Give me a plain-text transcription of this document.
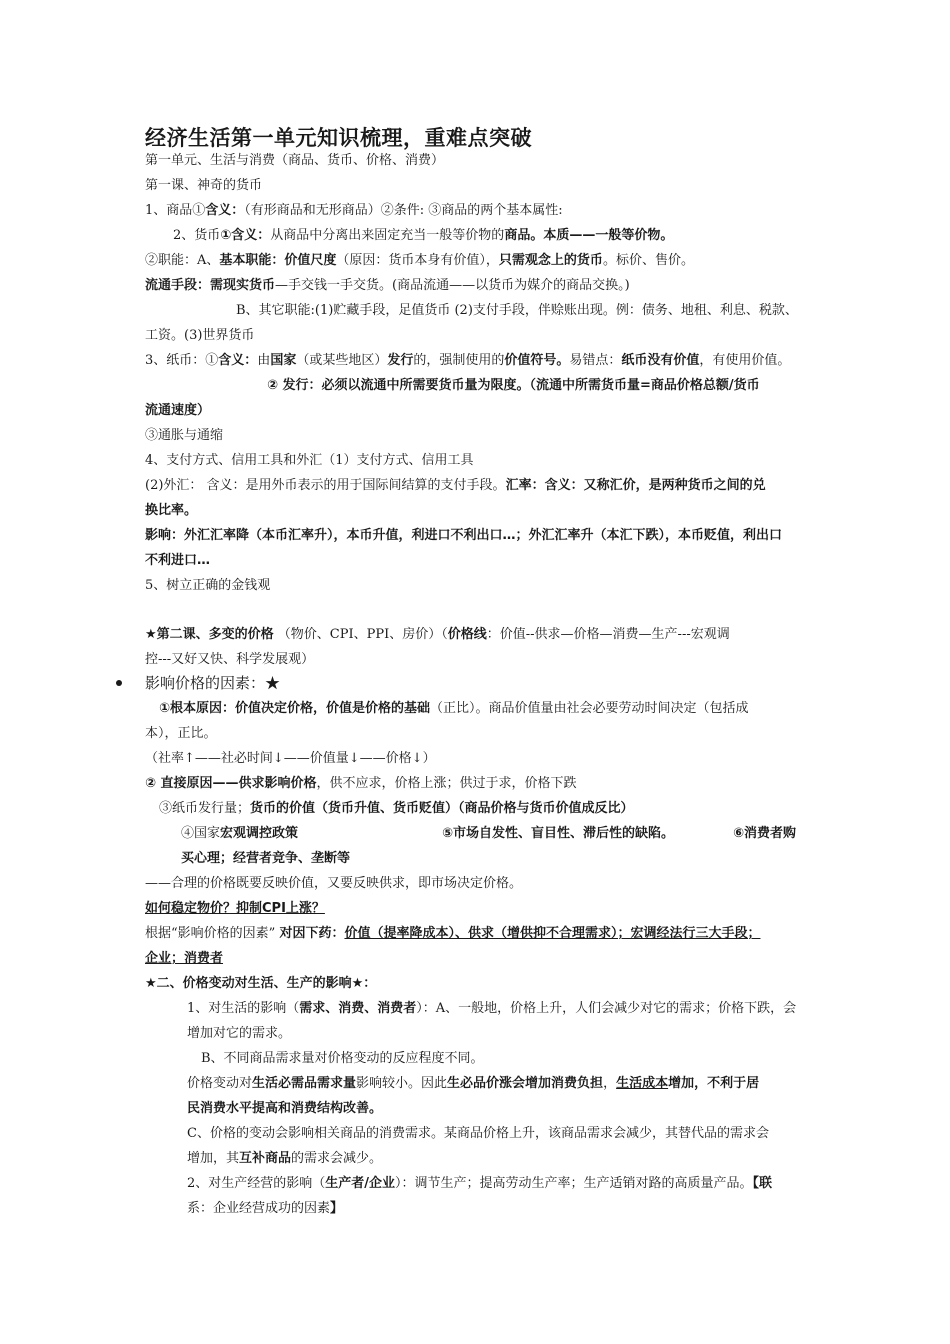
经济生活第一单元知识梳理，重难点突破
第一单元、生活与消费（商品、货币、价格、消费）
第一课、神奇的货币
1、商品①含义：（有形商品和无形商品）②条件: ③商品的两个基本属性:
2、货币①含义：从商品中分离出来固定充当一般等价物的商品。本质——一般等价物。
②职能：A、基本职能：价值尺度（原因：货币本身有价值），只需观念上的货币。标价、售价。
流通手段：需现实货币—手交钱一手交货。(商品流通——以货币为媒介的商品交换。)
B、其它职能:(1)贮藏手段，足值货币 (2)支付手段，伴赊账出现。例：债务、地租、利息、税款、
工资。(3)世界货币
3、纸币：①含义：由国家（或某些地区）发行的，强制使用的价值符号。易错点：纸币没有价值，有使用价值。
② 发行：必须以流通中所需要货币量为限度。（流通中所需货币量=商品价格总额/货币
流通速度）
③通胀与通缩
4、支付方式、信用工具和外汇（1）支付方式、信用工具
(2)外汇： 含义：是用外币表示的用于国际间结算的支付手段。汇率：含义：又称汇价，是两种货币之间的兑
换比率。
影响：外汇汇率降（本币汇率升），本币升值，利进口不利出口…；外汇汇率升（本汇下跌），本币贬值，利出口
不利进口…
5、树立正确的金钱观
★第二课、多变的价格 （物价、CPI、PPI、房价）（价格线：价值--供求—价格—消费—生产---宏观调
控---又好又快、科学发展观）
影响价格的因素：★
①根本原因：价值决定价格，价值是价格的基础（正比）。商品价值量由社会必要劳动时间决定（包括成
本），正比。
（社率↑——社必时间↓——价值量↓——价格↓）
② 直接原因——供求影响价格，供不应求，价格上涨；供过于求，价格下跌
③纸币发行量；货币的价值（货币升值、货币贬值）（商品价格与货币价值成反比）
④国家宏观调控政策	⑤市场自发性、盲目性、滞后性的缺陷。	⑥消费者购
买心理；经营者竞争、垄断等
——合理的价格既要反映价值，又要反映供求，即市场决定价格。
如何稳定物价？抑制CPI上涨？
根据“影响价格的因素” 对因下药：价值（提率降成本）、供求（增供抑不合理需求）；宏调经法行三大手段；
企业；消费者
★二、价格变动对生活、生产的影响★：
1、对生活的影响（需求、消费、消费者）：A、一般地，价格上升，人们会减少对它的需求；价格下跌，会
增加对它的需求。
B、不同商品需求量对价格变动的反应程度不同。
价格变动对生活必需品需求量影响较小。因此生必品价涨会增加消费负担，生活成本增加，不利于居
民消费水平提高和消费结构改善。
C、价格的变动会影响相关商品的消费需求。某商品价格上升，该商品需求会减少，其替代品的需求会
增加，其互补商品的需求会减少。
2、对生产经营的影响（生产者/企业）：调节生产；提高劳动生产率；生产适销对路的高质量产品。【联
系：企业经营成功的因素】
